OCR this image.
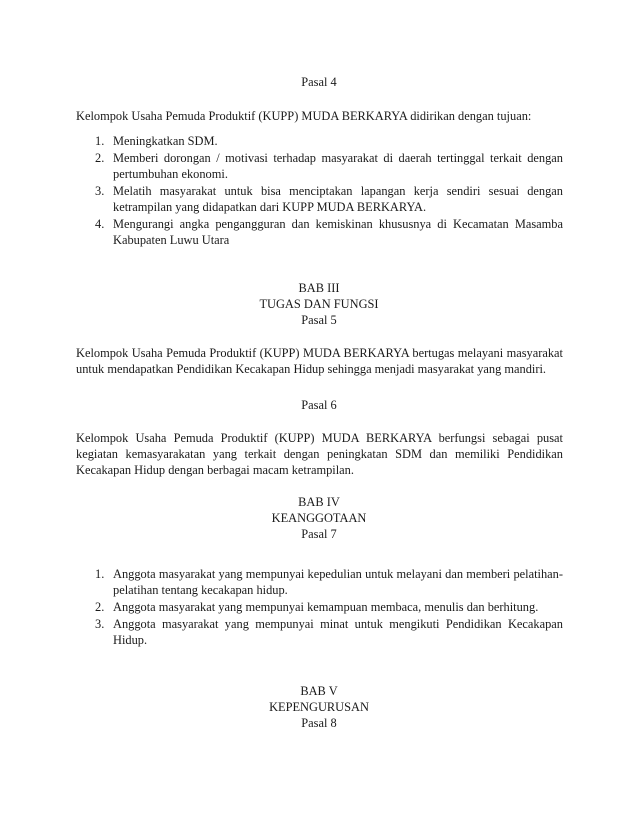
Pasal 4
Kelompok Usaha Pemuda Produktif (KUPP) MUDA BERKARYA didirikan dengan tujuan:
1. Meningkatkan SDM.
2. Memberi dorongan / motivasi terhadap masyarakat di daerah tertinggal terkait dengan pertumbuhan ekonomi.
3. Melatih masyarakat untuk bisa menciptakan lapangan kerja sendiri sesuai dengan ketrampilan yang didapatkan dari KUPP MUDA BERKARYA.
4. Mengurangi angka pengangguran dan kemiskinan khususnya di Kecamatan Masamba Kabupaten Luwu Utara
BAB III
TUGAS DAN FUNGSI
Pasal 5
Kelompok Usaha Pemuda Produktif (KUPP) MUDA BERKARYA bertugas melayani masyarakat untuk mendapatkan Pendidikan Kecakapan Hidup sehingga menjadi masyarakat yang mandiri.
Pasal 6
Kelompok Usaha Pemuda Produktif (KUPP) MUDA BERKARYA berfungsi sebagai pusat kegiatan kemasyarakatan yang terkait dengan peningkatan SDM dan memiliki Pendidikan Kecakapan Hidup dengan berbagai macam ketrampilan.
BAB IV
KEANGGOTAAN
Pasal 7
1. Anggota masyarakat yang mempunyai kepedulian untuk melayani dan memberi pelatihan-pelatihan tentang kecakapan hidup.
2. Anggota masyarakat yang mempunyai kemampuan membaca, menulis dan berhitung.
3. Anggota masyarakat yang mempunyai minat untuk mengikuti Pendidikan Kecakapan Hidup.
BAB V
KEPENGURUSAN
Pasal 8
